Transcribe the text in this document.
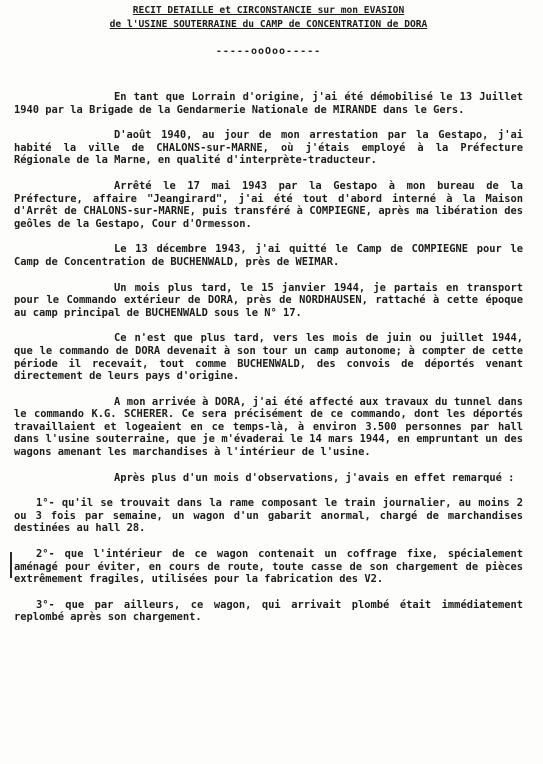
RECIT DETAILLE et CIRCONSTANCIE sur mon EVASION
de l'USINE SOUTERRAINE du CAMP de CONCENTRATION de DORA
-----ooOoo-----

En tant que Lorrain d'origine, j'ai été démobilisé le 13 Juillet 1940 par la Brigade de la Gendarmerie Nationale de MIRANDE dans le Gers.

D'août 1940, au jour de mon arrestation par la Gestapo, j'ai habité la ville de CHALONS-sur-MARNE, où j'étais employé à la Préfecture Régionale de la Marne, en qualité d'interprète-traducteur.

Arrêté le 17 mai 1943 par la Gestapo à mon bureau de la Préfecture, affaire "Jeangirard", j'ai été tout d'abord interné à la Maison d'Arrêt de CHALONS-sur-MARNE, puis transféré à COMPIEGNE, après ma libération des geôles de la Gestapo, Cour d'Ormesson.

Le 13 décembre 1943, j'ai quitté le Camp de COMPIEGNE pour le Camp de Concentration de BUCHENWALD, près de WEIMAR.

Un mois plus tard, le 15 janvier 1944, je partais en transport pour le Commando extérieur de DORA, près de NORDHAUSEN, rattaché à cette époque au camp principal de BUCHENWALD sous le N° 17.

Ce n'est que plus tard, vers les mois de juin ou juillet 1944, que le commando de DORA devenait à son tour un camp autonome; à compter de cette période il recevait, tout comme BUCHENWALD, des convois de déportés venant directement de leurs pays d'origine.

A mon arrivée à DORA, j'ai été affecté aux travaux du tunnel dans le commando K.G. SCHERER. Ce sera précisément de ce commando, dont les déportés travaillaient et logeaient en ce temps-là, à environ 3.500 personnes par hall dans l'usine souterraine, que je m'évaderai le 14 mars 1944, en empruntant un des wagons amenant les marchandises à l'intérieur de l'usine.

Après plus d'un mois d'observations, j'avais en effet remarqué :

1°- qu'il se trouvait dans la rame composant le train journalier, au moins 2 ou 3 fois par semaine, un wagon d'un gabarit anormal, chargé de marchandises destinées au hall 28.

2°- que l'intérieur de ce wagon contenait un coffrage fixe, spécialement aménagé pour éviter, en cours de route, toute casse de son chargement de pièces extrêmement fragiles, utilisées pour la fabrication des V2.

3°- que par ailleurs, ce wagon, qui arrivait plombé était immédiatement replombé après son chargement.
